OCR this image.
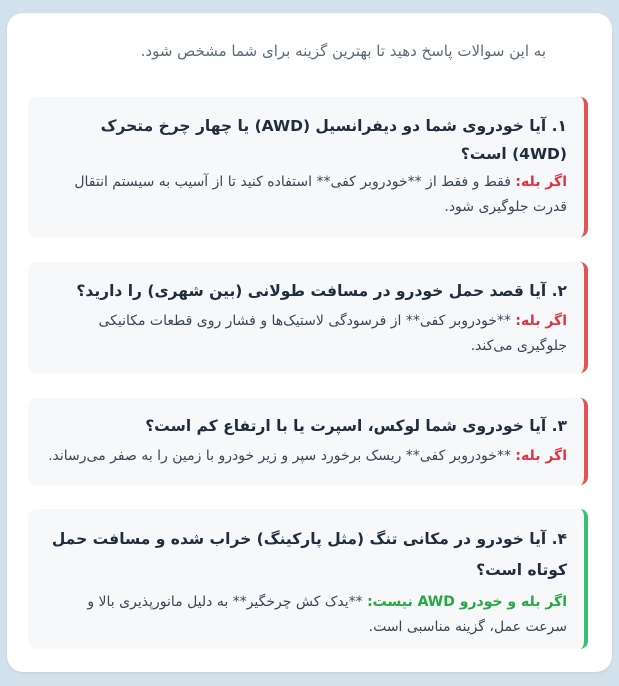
به این سوالات پاسخ دهید تا بهترین گزینه برای شما مشخص شود.
۱. آیا خودروی شما دو دیفرانسیل (AWD) یا چهار چرخ متحرک (4WD) است؟
اگر بله: فقط و فقط از **خودروبر کفی** استفاده کنید تا از آسیب به سیستم انتقال قدرت جلوگیری شود.
۲. آیا قصد حمل خودرو در مسافت طولانی (بین شهری) را دارید؟
اگر بله: **خودروبر کفی** از فرسودگی لاستیک‌ها و فشار روی قطعات مکانیکی جلوگیری می‌کند.
۳. آیا خودروی شما لوکس، اسپرت یا با ارتفاع کم است؟
اگر بله: **خودروبر کفی** ریسک برخورد سپر و زیر خودرو با زمین را به صفر می‌رساند.
۴. آیا خودرو در مکانی تنگ (مثل پارکینگ) خراب شده و مسافت حمل کوتاه است؟
اگر بله و خودرو AWD نیست: **یدک کش چرخگیر** به دلیل مانورپذیری بالا و سرعت عمل، گزینه مناسبی است.
